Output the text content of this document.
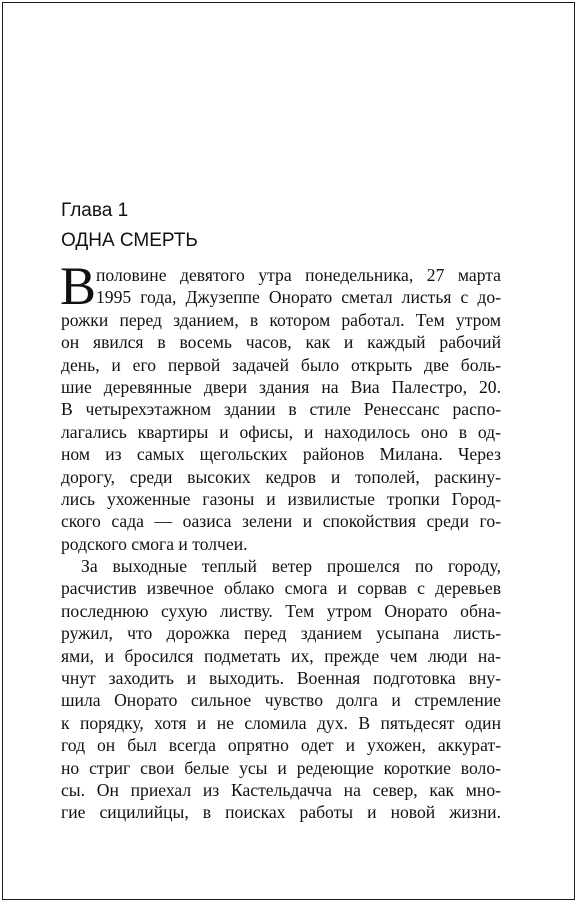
Глава 1
ОДНА СМЕРТЬ
В половине девятого утра понедельника, 27 марта
1995 года, Джузеппе Онорато сметал листья с до-
рожки перед зданием, в котором работал. Тем утром
он явился в восемь часов, как и каждый рабочий
день, и его первой задачей было открыть две боль-
шие деревянные двери здания на Виа Палестро, 20.
В четырехэтажном здании в стиле Ренессанс распо-
лагались квартиры и офисы, и находилось оно в од-
ном из самых щегольских районов Милана. Через
дорогу, среди высоких кедров и тополей, раскину-
лись ухоженные газоны и извилистые тропки Город-
ского сада — оазиса зелени и спокойствия среди го-
родского смога и толчеи.
За выходные теплый ветер прошелся по городу,
расчистив извечное облако смога и сорвав с деревьев
последнюю сухую листву. Тем утром Онорато обна-
ружил, что дорожка перед зданием усыпана листь-
ями, и бросился подметать их, прежде чем люди на-
чнут заходить и выходить. Военная подготовка вну-
шила Онорато сильное чувство долга и стремление
к порядку, хотя и не сломила дух. В пятьдесят один
год он был всегда опрятно одет и ухожен, аккурат-
но стриг свои белые усы и редеющие короткие воло-
сы. Он приехал из Кастельдачча на север, как мно-
гие сицилийцы, в поисках работы и новой жизни.
